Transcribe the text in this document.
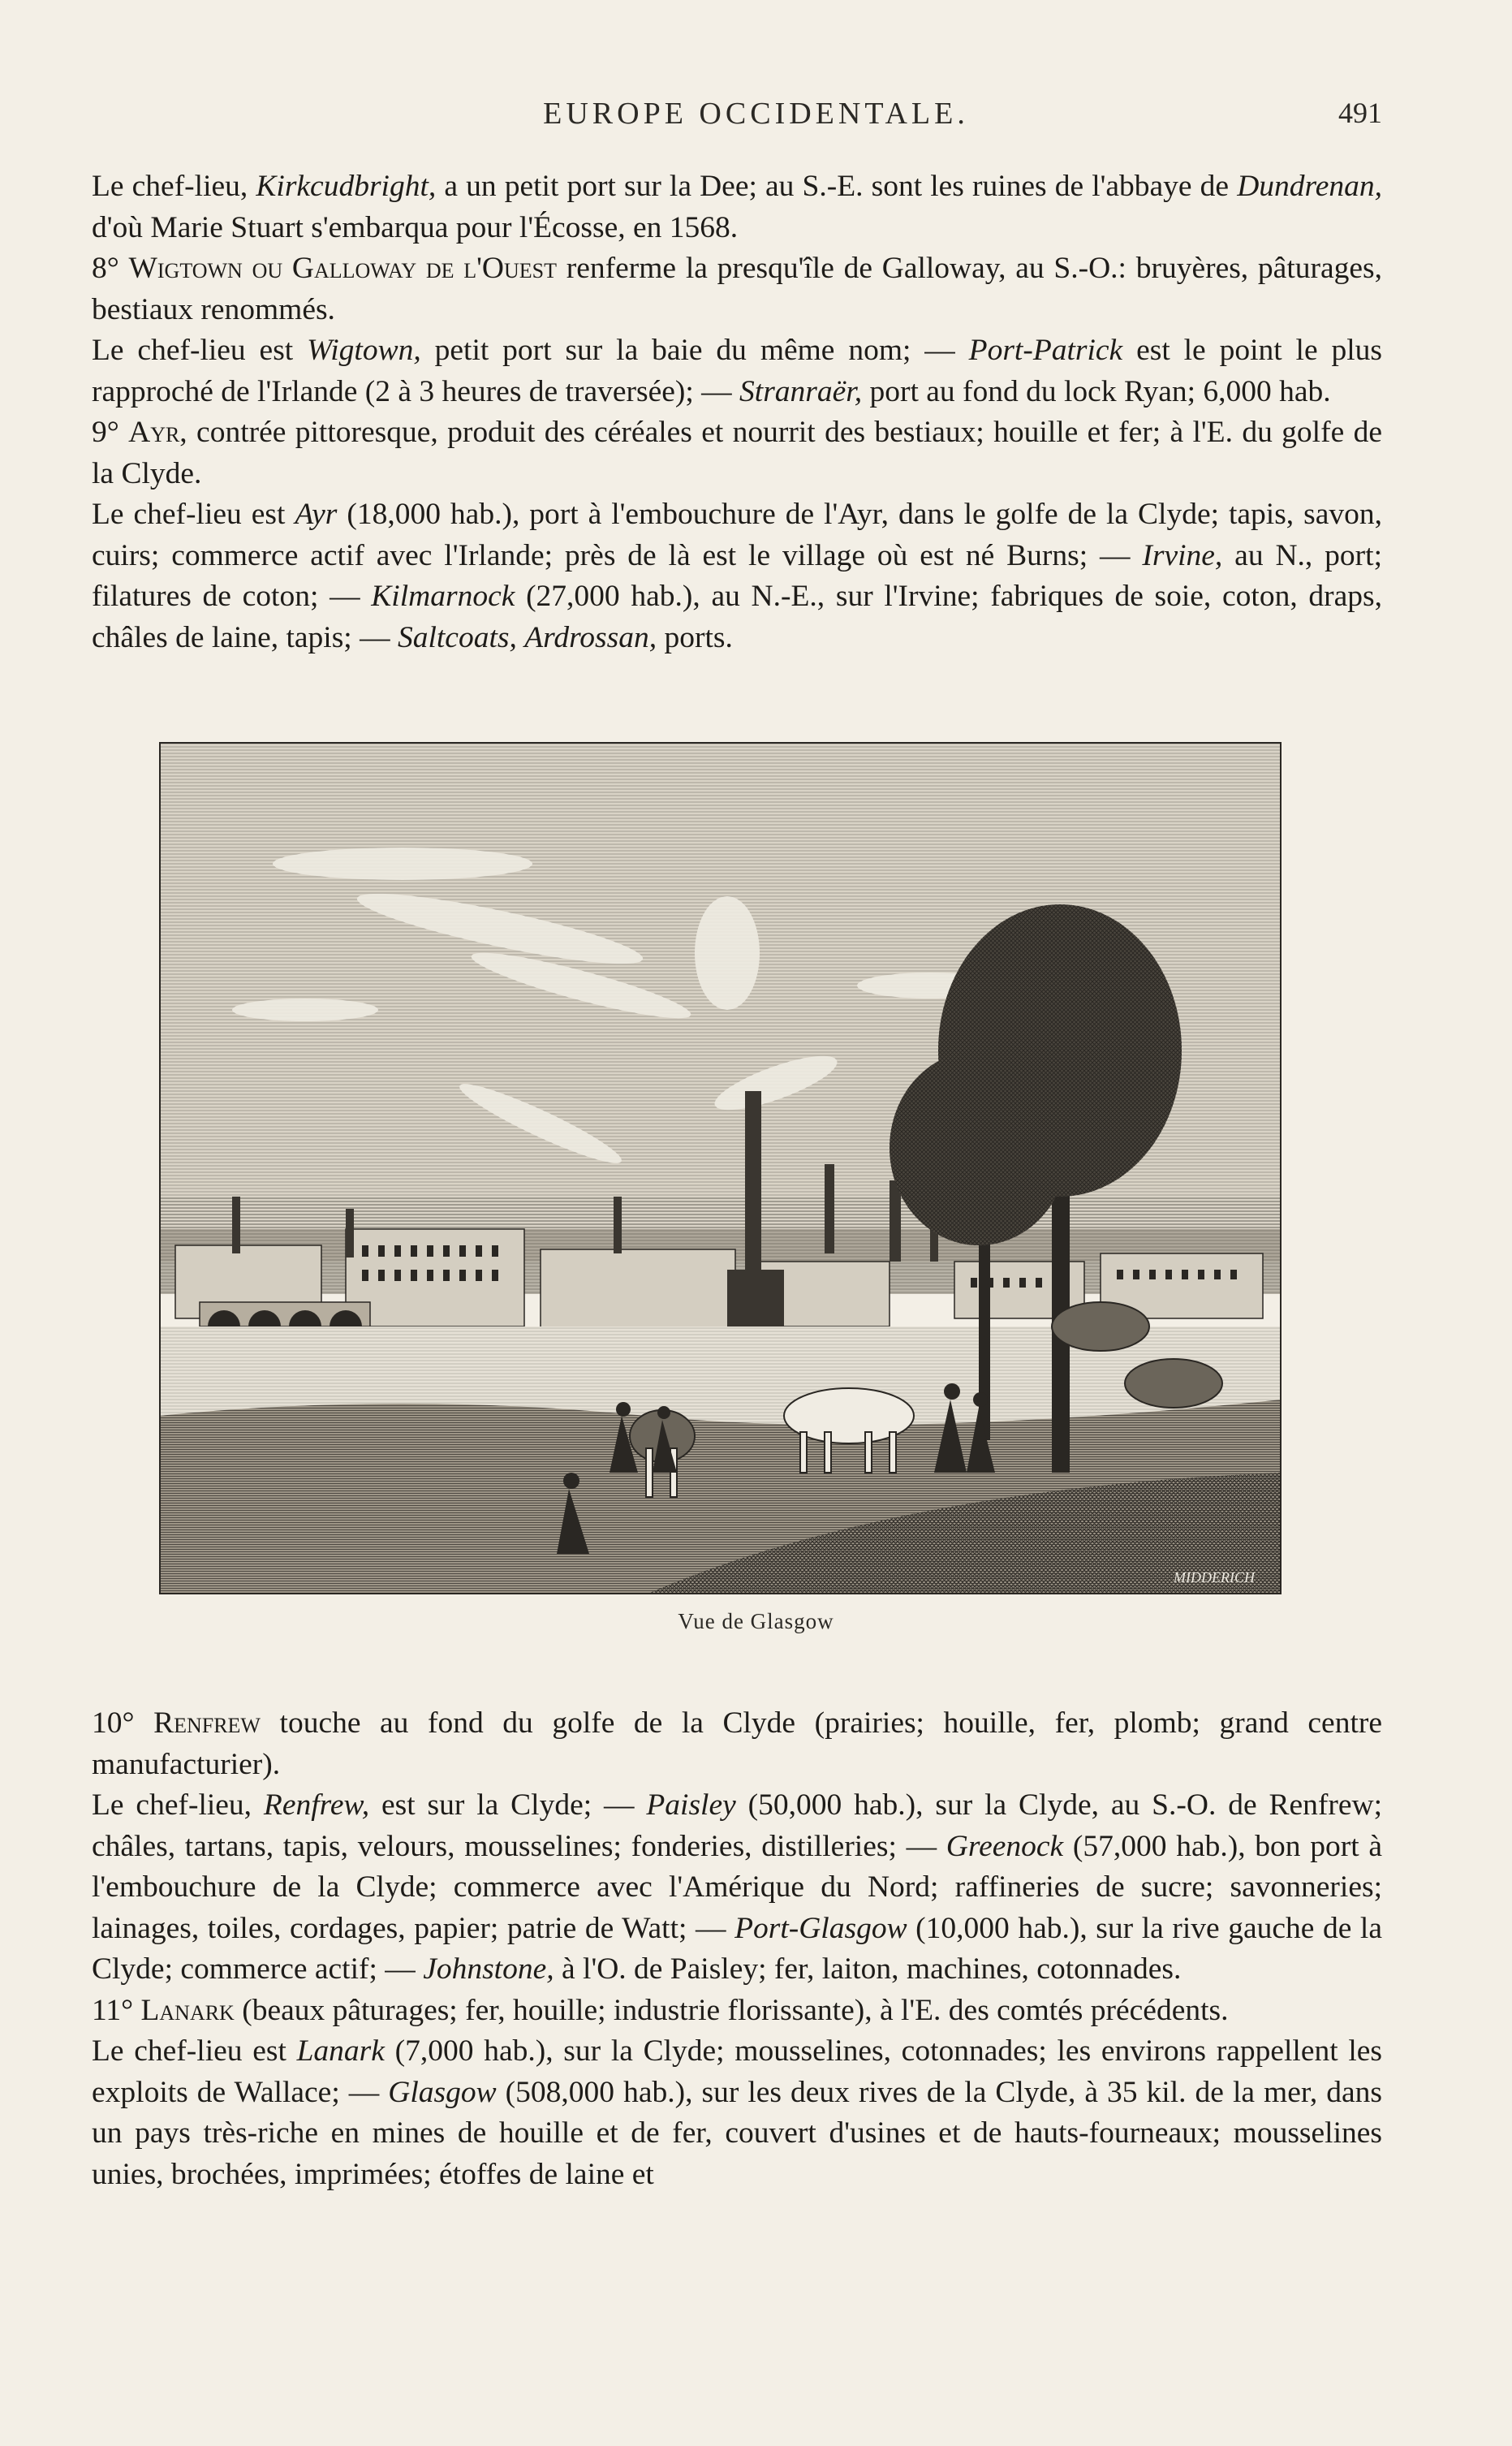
EUROPE OCCIDENTALE.	491

Le chef-lieu, Kirkcudbright, a un petit port sur la Dee; au S.-E. sont les ruines de l'abbaye de Dundrenan, d'où Marie Stuart s'embarqua pour l'Écosse, en 1568.

8° Wigtown ou Galloway de l'Ouest renferme la presqu'île de Galloway, au S.-O.: bruyères, pâturages, bestiaux renommés.

Le chef-lieu est Wigtown, petit port sur la baie du même nom; — Port-Patrick est le point le plus rapproché de l'Irlande (2 à 3 heures de traversée); — Stranraër, port au fond du lock Ryan; 6,000 hab.

9° Ayr, contrée pittoresque, produit des céréales et nourrit des bestiaux; houille et fer; à l'E. du golfe de la Clyde.

Le chef-lieu est Ayr (18,000 hab.), port à l'embouchure de l'Ayr, dans le golfe de la Clyde; tapis, savon, cuirs; commerce actif avec l'Irlande; près de là est le village où est né Burns; — Irvine, au N., port; filatures de coton; — Kilmarnock (27,000 hab.), au N.-E., sur l'Irvine; fabriques de soie, coton, draps, châles de laine, tapis; — Saltcoats, Ardrossan, ports.

MIDDERICH
Vue de Glasgow

10° Renfrew touche au fond du golfe de la Clyde (prairies; houille, fer, plomb; grand centre manufacturier).

Le chef-lieu, Renfrew, est sur la Clyde; — Paisley (50,000 hab.), sur la Clyde, au S.-O. de Renfrew; châles, tartans, tapis, velours, mousselines; fonderies, distilleries; — Greenock (57,000 hab.), bon port à l'embouchure de la Clyde; commerce avec l'Amérique du Nord; raffineries de sucre; savonneries; lainages, toiles, cordages, papier; patrie de Watt; — Port-Glasgow (10,000 hab.), sur la rive gauche de la Clyde; commerce actif; — Johnstone, à l'O. de Paisley; fer, laiton, machines, cotonnades.

11° Lanark (beaux pâturages; fer, houille; industrie florissante), à l'E. des comtés précédents.

Le chef-lieu est Lanark (7,000 hab.), sur la Clyde; mousselines, cotonnades; les environs rappellent les exploits de Wallace; — Glasgow (508,000 hab.), sur les deux rives de la Clyde, à 35 kil. de la mer, dans un pays très-riche en mines de houille et de fer, couvert d'usines et de hauts-fourneaux; mousselines unies, brochées, imprimées; étoffes de laine et
